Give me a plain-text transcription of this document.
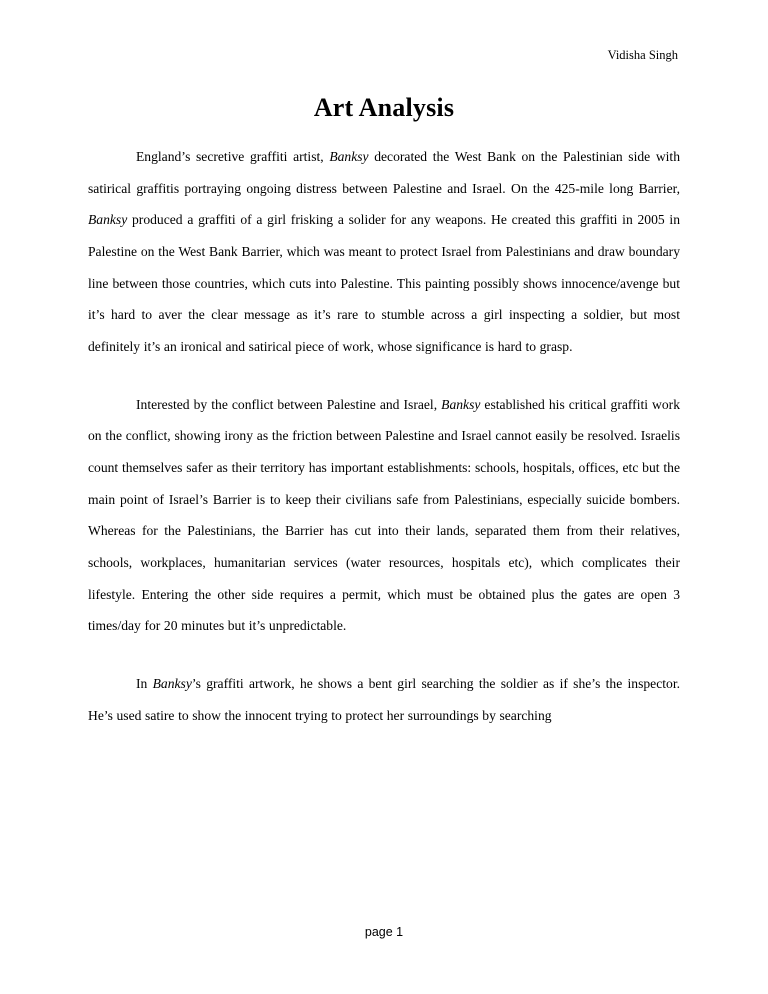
Vidisha Singh
Art Analysis

England’s secretive graffiti artist, Banksy decorated the West Bank on the Palestinian side with satirical graffitis portraying ongoing distress between Palestine and Israel. On the 425-mile long Barrier, Banksy produced a graffiti of a girl frisking a solider for any weapons. He created this graffiti in 2005 in Palestine on the West Bank Barrier, which was meant to protect Israel from Palestinians and draw boundary line between those countries, which cuts into Palestine. This painting possibly shows innocence/avenge but it’s hard to aver the clear message as it’s rare to stumble across a girl inspecting a soldier, but most definitely it’s an ironical and satirical piece of work, whose significance is hard to grasp.

Interested by the conflict between Palestine and Israel, Banksy established his critical graffiti work on the conflict, showing irony as the friction between Palestine and Israel cannot easily be resolved. Israelis count themselves safer as their territory has important establishments: schools, hospitals, offices, etc but the main point of Israel’s Barrier is to keep their civilians safe from Palestinians, especially suicide bombers. Whereas for the Palestinians, the Barrier has cut into their lands, separated them from their relatives, schools, workplaces, humanitarian services (water resources, hospitals etc), which complicates their lifestyle. Entering the other side requires a permit, which must be obtained plus the gates are open 3 times/day for 20 minutes but it’s unpredictable.

In Banksy’s graffiti artwork, he shows a bent girl searching the soldier as if she’s the inspector. He’s used satire to show the innocent trying to protect her surroundings by searching

page 1
